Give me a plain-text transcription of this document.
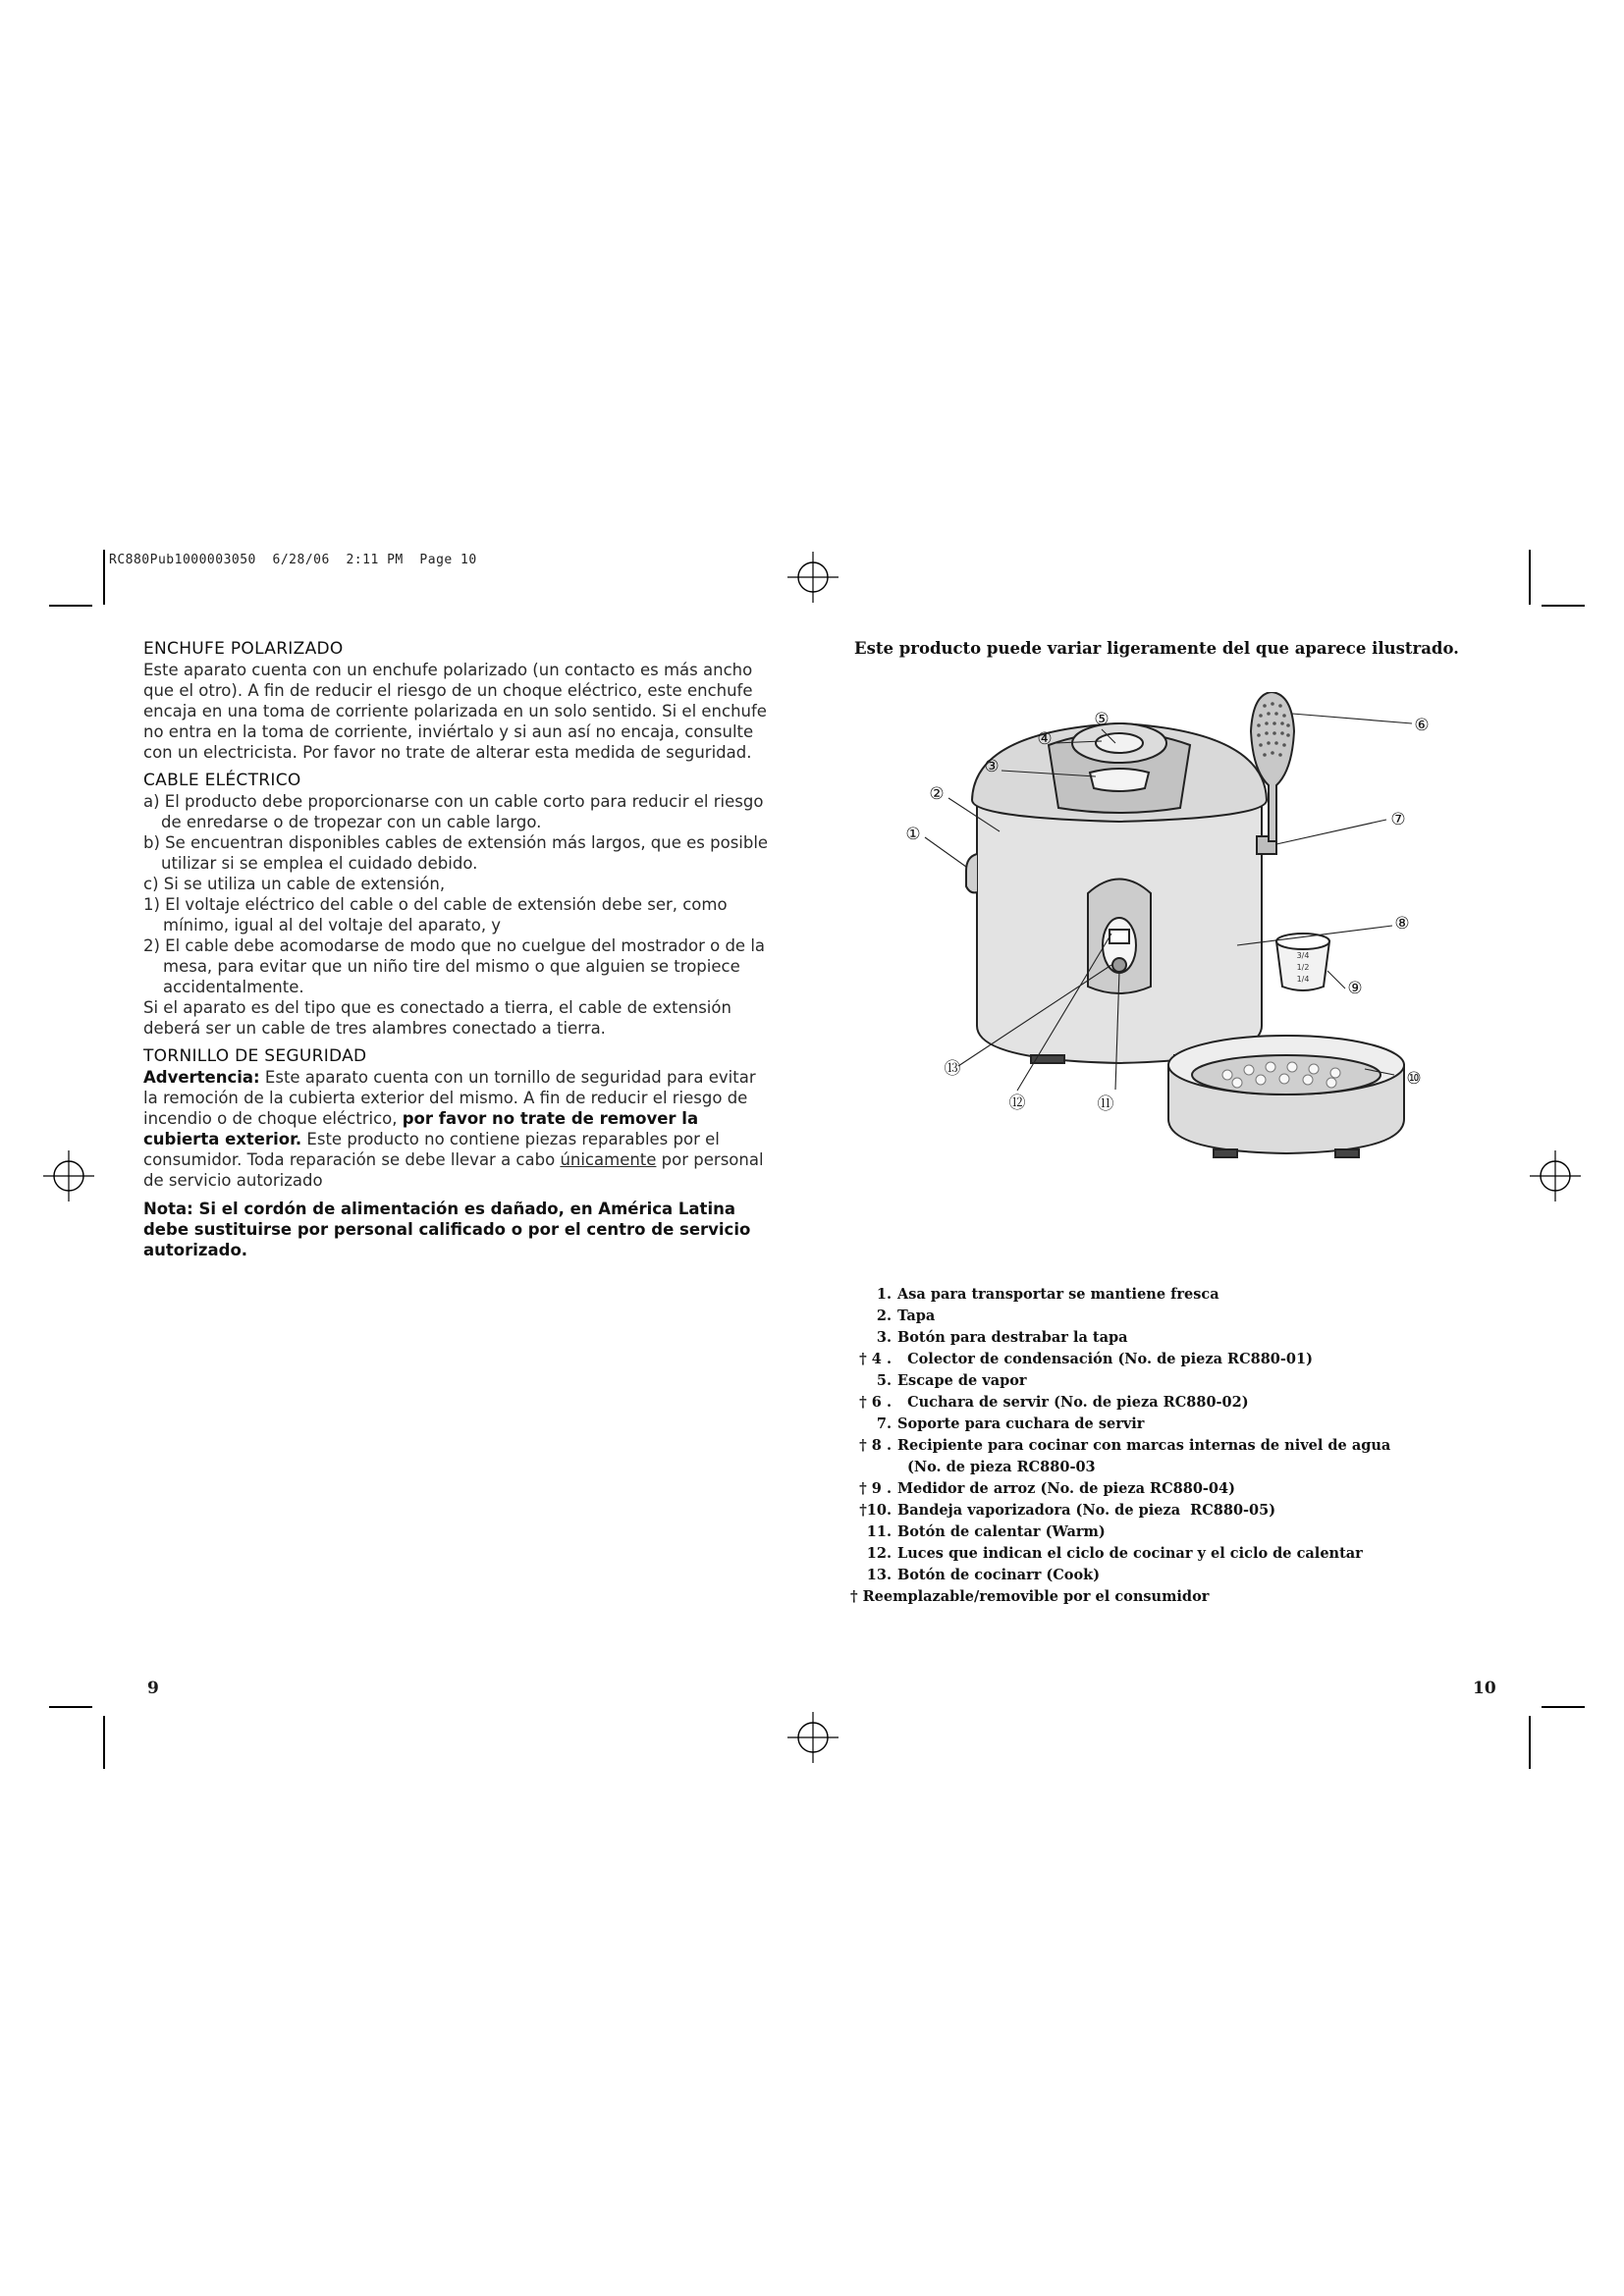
RC880Pub1000003050  6/28/06  2:11 PM  Page 10
ENCHUFE POLARIZADO

Este aparato cuenta con un enchufe polarizado (un contacto es más ancho que el otro). A fin de reducir el riesgo de un choque eléctrico, este enchufe encaja en una toma de corriente polarizada en un solo sentido. Si el enchufe no entra en la toma de corriente, inviértalo y si aun así no encaja, consulte con un electricista. Por favor no trate de alterar esta medida de seguridad.

CABLE ELÉCTRICO

a) El producto debe proporcionarse con un cable corto para reducir el riesgo de enredarse o de tropezar con un cable largo.

b) Se encuentran disponibles cables de extensión más largos, que es posible utilizar si se emplea el cuidado debido.

c) Si se utiliza un cable de extensión,

1) El voltaje eléctrico del cable o del cable de extensión debe ser, como mínimo, igual al del voltaje del aparato, y

2) El cable debe acomodarse de modo que no cuelgue del mostrador o de la mesa, para evitar que un niño tire del mismo o que alguien se tropiece accidentalmente.

Si el aparato es del tipo que es conectado a tierra, el cable de extensión deberá ser un cable de tres alambres conectado a tierra.

TORNILLO DE SEGURIDAD

Advertencia: Este aparato cuenta con un tornillo de seguridad para evitar la remoción de la cubierta exterior del mismo. A fin de reducir el riesgo de incendio o de choque eléctrico, por favor no trate de remover la cubierta exterior. Este producto no contiene piezas reparables por el consumidor. Toda reparación se debe llevar a cabo únicamente por personal de servicio autorizado

Nota: Si el cordón de alimentación es dañado, en América Latina debe sustituirse por personal calificado o por el centro de servicio autorizado.

Este producto puede variar ligeramente del que aparece ilustrado.
3/4
1/2
1/4
①
②
③
④
⑤	⑥
⑦
⑧
⑨
⑩
⑪
⑫
⑬
1. Asa para transportar se mantiene fresca
2. Tapa
3. Botón para destrabar la tapa
† 4 .  Colector de condensación (No. de pieza RC880-01)
5. Escape de vapor
† 6 .  Cuchara de servir (No. de pieza RC880-02)
7. Soporte para cuchara de servir
† 8 . Recipiente para cocinar con marcas internas de nivel de agua
(No. de pieza RC880-03
† 9 . Medidor de arroz (No. de pieza RC880-04)
†10. Bandeja vaporizadora (No. de pieza  RC880-05)
11. Botón de calentar (Warm)
12. Luces que indican el ciclo de cocinar y el ciclo de calentar
13. Botón de cocinarr (Cook)
† Reemplazable/removible por el consumidor
9	10
